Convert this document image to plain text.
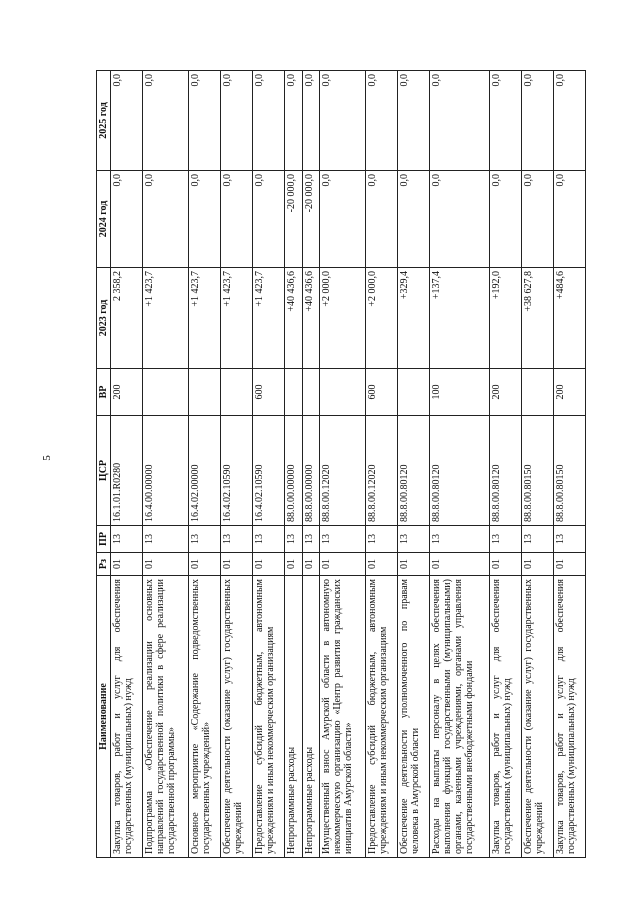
5
Наименование	Рз	ПР	ЦСР	ВР	2023 год	2024 год	2025 год
Закупка товаров, работ и услуг для обеспечения государственных (муниципальных) нужд	01	13	16.1.01.R0280	200	2 358,2	0,0	0,0
Подпрограмма «Обеспечение реализации основных направлений государственной политики в сфере реализации государственной программы»	01	13	16.4.00.00000		+1 423,7	0,0	0,0
Основное мероприятие «Содержание подведомственных государственных учреждений»	01	13	16.4.02.00000		+1 423,7	0,0	0,0
Обеспечение деятельности (оказание услуг) государственных учреждений	01	13	16.4.02.10590		+1 423,7	0,0	0,0
Предоставление субсидий бюджетным, автономным учреждениям и иным некоммерческим организациям	01	13	16.4.02.10590	600	+1 423,7	0,0	0,0
Непрограммные расходы	01	13	88.0.00.00000		+40 436,6	-20 000,0	0,0
Непрограммные расходы	01	13	88.8.00.00000		+40 436,6	-20 000,0	0,0
Имущественный взнос Амурской области в автономную некоммерческую организацию «Центр развития гражданских инициатив Амурской области»	01	13	88.8.00.12020		+2 000,0	0,0	0,0
Предоставление субсидий бюджетным, автономным учреждениям и иным некоммерческим организациям	01	13	88.8.00.12020	600	+2 000,0	0,0	0,0
Обеспечение деятельности уполномоченного по правам человека в Амурской области	01	13	88.8.00.80120		+329,4	0,0	0,0
Расходы на выплаты персоналу в целях обеспечения выполнения функций государственными (муниципальными) органами, казенными учреждениями, органами управления государственными внебюджетными фондами	01	13	88.8.00.80120	100	+137,4	0,0	0,0
Закупка товаров, работ и услуг для обеспечения государственных (муниципальных) нужд	01	13	88.8.00.80120	200	+192,0	0,0	0,0
Обеспечение деятельности (оказание услуг) государственных учреждений	01	13	88.8.00.80150		+38 627,8	0,0	0,0
Закупка товаров, работ и услуг для обеспечения государственных (муниципальных) нужд	01	13	88.8.00.80150	200	+484,6	0,0	0,0
